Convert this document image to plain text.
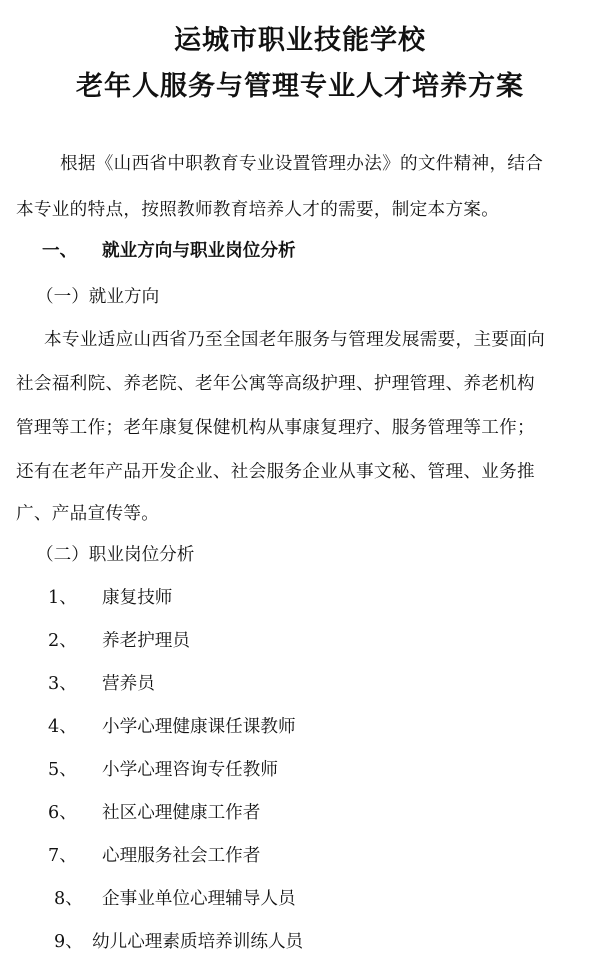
运城市职业技能学校
老年人服务与管理专业人才培养方案
根据《山西省中职教育专业设置管理办法》的文件精神，结合
本专业的特点，按照教师教育培养人才的需要，制定本方案。
一、 就业方向与职业岗位分析
（一）就业方向
本专业适应山西省乃至全国老年服务与管理发展需要，主要面向
社会福利院、养老院、老年公寓等高级护理、护理管理、养老机构
管理等工作；老年康复保健机构从事康复理疗、服务管理等工作；
还有在老年产品开发企业、社会服务企业从事文秘、管理、业务推
广、产品宣传等。
（二）职业岗位分析
1、 康复技师
2、 养老护理员
3、 营养员
4、 小学心理健康课任课教师
5、 小学心理咨询专任教师
6、 社区心理健康工作者
7、 心理服务社会工作者
8、 企事业单位心理辅导人员
9、 幼儿心理素质培养训练人员
